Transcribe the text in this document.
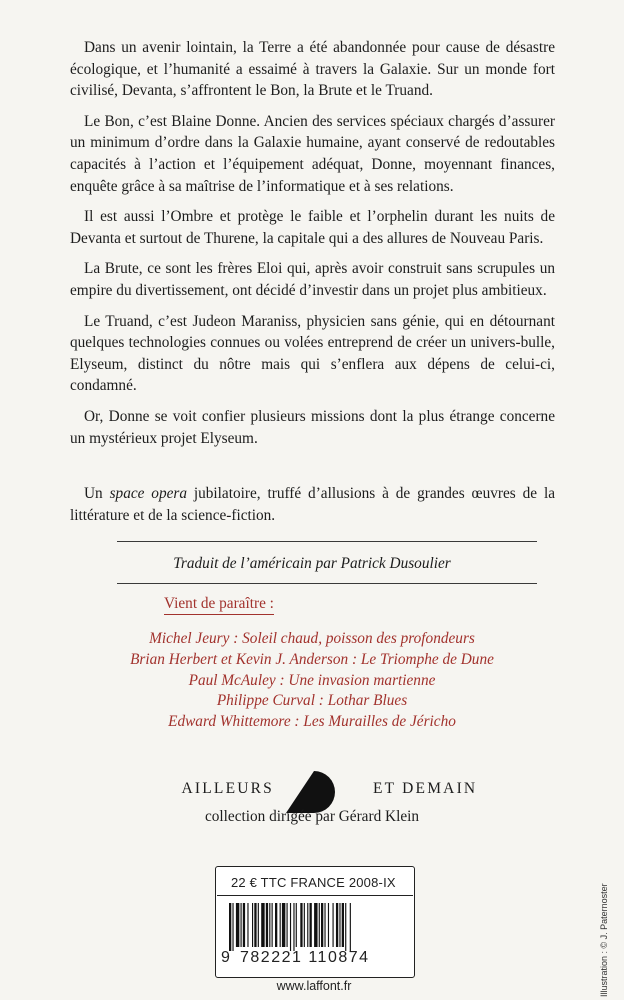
Dans un avenir lointain, la Terre a été abandonnée pour cause de désastre écologique, et l’humanité a essaimé à travers la Galaxie. Sur un monde fort civilisé, Devanta, s’affrontent le Bon, la Brute et le Truand.

Le Bon, c’est Blaine Donne. Ancien des services spéciaux chargés d’assurer un minimum d’ordre dans la Galaxie humaine, ayant conservé de redoutables capacités à l’action et l’équipement adéquat, Donne, moyennant finances, enquête grâce à sa maîtrise de l’informatique et à ses relations.

Il est aussi l’Ombre et protège le faible et l’orphelin durant les nuits de Devanta et surtout de Thurene, la capitale qui a des allures de Nouveau Paris.

La Brute, ce sont les frères Eloi qui, après avoir construit sans scrupules un empire du divertissement, ont décidé d’investir dans un projet plus ambitieux.

Le Truand, c’est Judeon Maraniss, physicien sans génie, qui en détournant quelques technologies connues ou volées entreprend de créer un univers-bulle, Elyseum, distinct du nôtre mais qui s’enflera aux dépens de celui-ci, condamné.

Or, Donne se voit confier plusieurs missions dont la plus étrange concerne un mystérieux projet Elyseum.

Un space opera jubilatoire, truffé d’allusions à de grandes œuvres de la littérature et de la science-fiction.

Traduit de l’américain par Patrick Dusoulier
Vient de paraître :
Michel Jeury : Soleil chaud, poisson des profondeurs
Brian Herbert et Kevin J. Anderson : Le Triomphe de Dune
Paul McAuley : Une invasion martienne
Philippe Curval : Lothar Blues
Edward Whittemore : Les Murailles de Jéricho
AILLEURS	ET DEMAIN
collection dirigée par Gérard Klein
22 € TTC FRANCE 2008-IX
9 782221 110874
www.laffont.fr	Illustration : © J. Paternoster
